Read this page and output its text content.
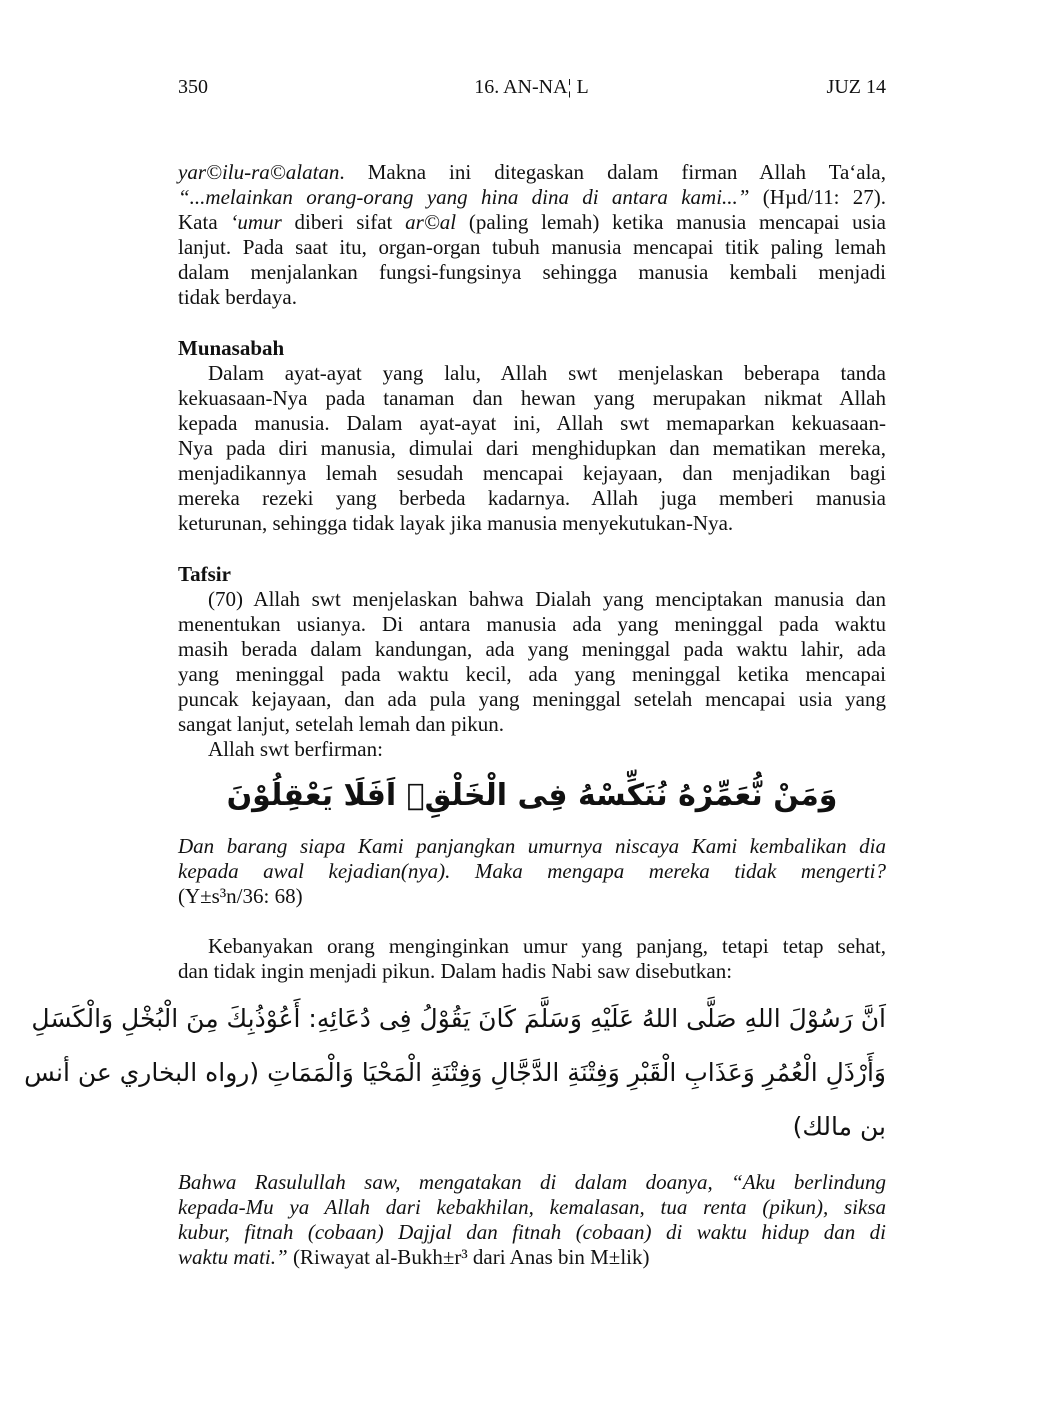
350	16. AN-NA¦ L	JUZ 14
yar©ilu-ra©alatan. Makna ini ditegaskan dalam firman Allah Ta‘ala,
“...melainkan orang-orang yang hina dina di antara kami...” (Hµd/11: 27).
Kata ‘umur diberi sifat ar©al (paling lemah) ketika manusia mencapai usia
lanjut. Pada saat itu, organ-organ tubuh manusia mencapai titik paling lemah
dalam menjalankan fungsi-fungsinya sehingga manusia kembali menjadi
tidak berdaya.
Munasabah
Dalam ayat-ayat yang lalu, Allah swt menjelaskan beberapa tanda
kekuasaan-Nya pada tanaman dan hewan yang merupakan nikmat Allah
kepada manusia. Dalam ayat-ayat ini, Allah swt memaparkan kekuasaan-
Nya pada diri manusia, dimulai dari menghidupkan dan mematikan mereka,
menjadikannya lemah sesudah mencapai kejayaan, dan menjadikan bagi
mereka rezeki yang berbeda kadarnya. Allah juga memberi manusia
keturunan, sehingga tidak layak jika manusia menyekutukan-Nya.
Tafsir
(70) Allah swt menjelaskan bahwa Dialah yang menciptakan manusia dan
menentukan usianya. Di antara manusia ada yang meninggal pada waktu
masih berada dalam kandungan, ada yang meninggal pada waktu lahir, ada
yang meninggal pada waktu kecil, ada yang meninggal ketika mencapai
puncak kejayaan, dan ada pula yang meninggal setelah mencapai usia yang
sangat lanjut, setelah lemah dan pikun.
Allah swt berfirman:
وَمَنْ نُّعَمِّرْهُ نُنَكِّسْهُ فِى الْخَلْقِۗ اَفَلَا يَعْقِلُوْنَ
Dan barang siapa Kami panjangkan umurnya niscaya Kami kembalikan dia
kepada awal kejadian(nya). Maka mengapa mereka tidak mengerti?
(Y±s³n/36: 68)
Kebanyakan orang menginginkan umur yang panjang, tetapi tetap sehat,
dan tidak ingin menjadi pikun. Dalam hadis Nabi saw disebutkan:
اَنَّ رَسُوْلَ اللهِ صَلَّى اللهُ عَلَيْهِ وَسَلَّمَ كَانَ يَقُوْلُ فِى دُعَائِهِ: أَعُوْذُبِكَ مِنَ الْبُخْلِ وَالْكَسَلِ
وَأَرْذَلِ الْعُمُرِ وَعَذَابِ الْقَبْرِ وَفِتْنَةِ الدَّجَّالِ وَفِتْنَةِ الْمَحْيَا وَالْمَمَاتِ (رواه البخاري عن أنس
بن مالك)
Bahwa Rasulullah saw, mengatakan di dalam doanya, “Aku berlindung
kepada-Mu ya Allah dari kebakhilan, kemalasan, tua renta (pikun), siksa
kubur, fitnah (cobaan) Dajjal dan fitnah (cobaan) di waktu hidup dan di
waktu mati.” (Riwayat al-Bukh±r³ dari Anas bin M±lik)
